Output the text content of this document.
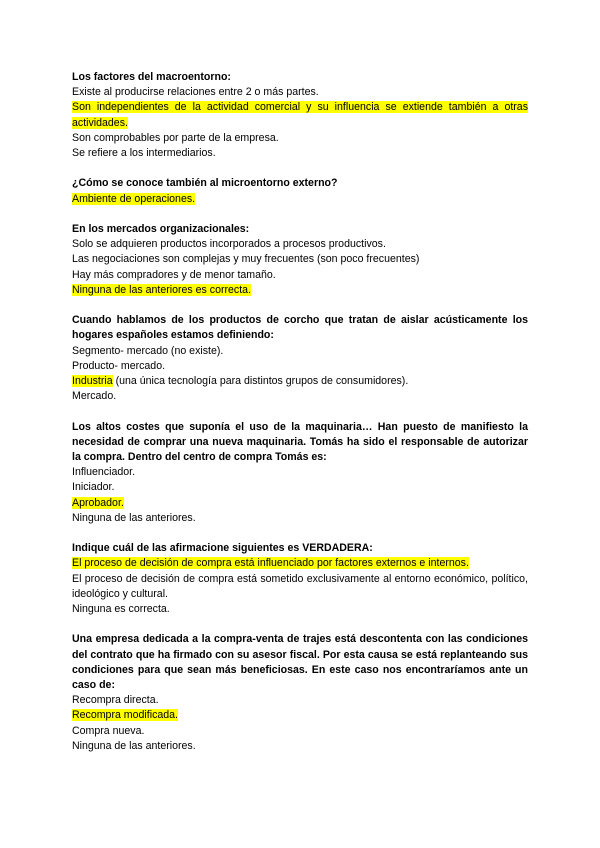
Los factores del macroentorno:
Existe al producirse relaciones entre 2 o más partes.
Son independientes de la actividad comercial y su influencia se extiende también a otras actividades.
Son comprobables por parte de la empresa.
Se refiere a los intermediarios.
¿Cómo se conoce también al microentorno externo?
Ambiente de operaciones.
En los mercados organizacionales:
Solo se adquieren productos incorporados a procesos productivos.
Las negociaciones son complejas y muy frecuentes (son poco frecuentes)
Hay más compradores y de menor tamaño.
Ninguna de las anteriores es correcta.
Cuando hablamos de los productos de corcho que tratan de aislar acústicamente los hogares españoles estamos definiendo:
Segmento- mercado (no existe).
Producto- mercado.
Industria (una única tecnología para distintos grupos de consumidores).
Mercado.
Los altos costes que suponía el uso de la maquinaria… Han puesto de manifiesto la necesidad de comprar una nueva maquinaria. Tomás ha sido el responsable de autorizar la compra. Dentro del centro de compra Tomás es:
Influenciador.
Iniciador.
Aprobador.
Ninguna de las anteriores.
Indique cuál de las afirmacione siguientes es VERDADERA:
El proceso de decisión de compra está influenciado por factores externos e internos.
El proceso de decisión de compra está sometido exclusivamente al entorno económico, político, ideológico y cultural.
Ninguna es correcta.
Una empresa dedicada a la compra-venta de trajes está descontenta con las condiciones del contrato que ha firmado con su asesor fiscal. Por esta causa se está replanteando sus condiciones para que sean más beneficiosas. En este caso nos encontraríamos ante un caso de:
Recompra directa.
Recompra modificada.
Compra nueva.
Ninguna de las anteriores.
